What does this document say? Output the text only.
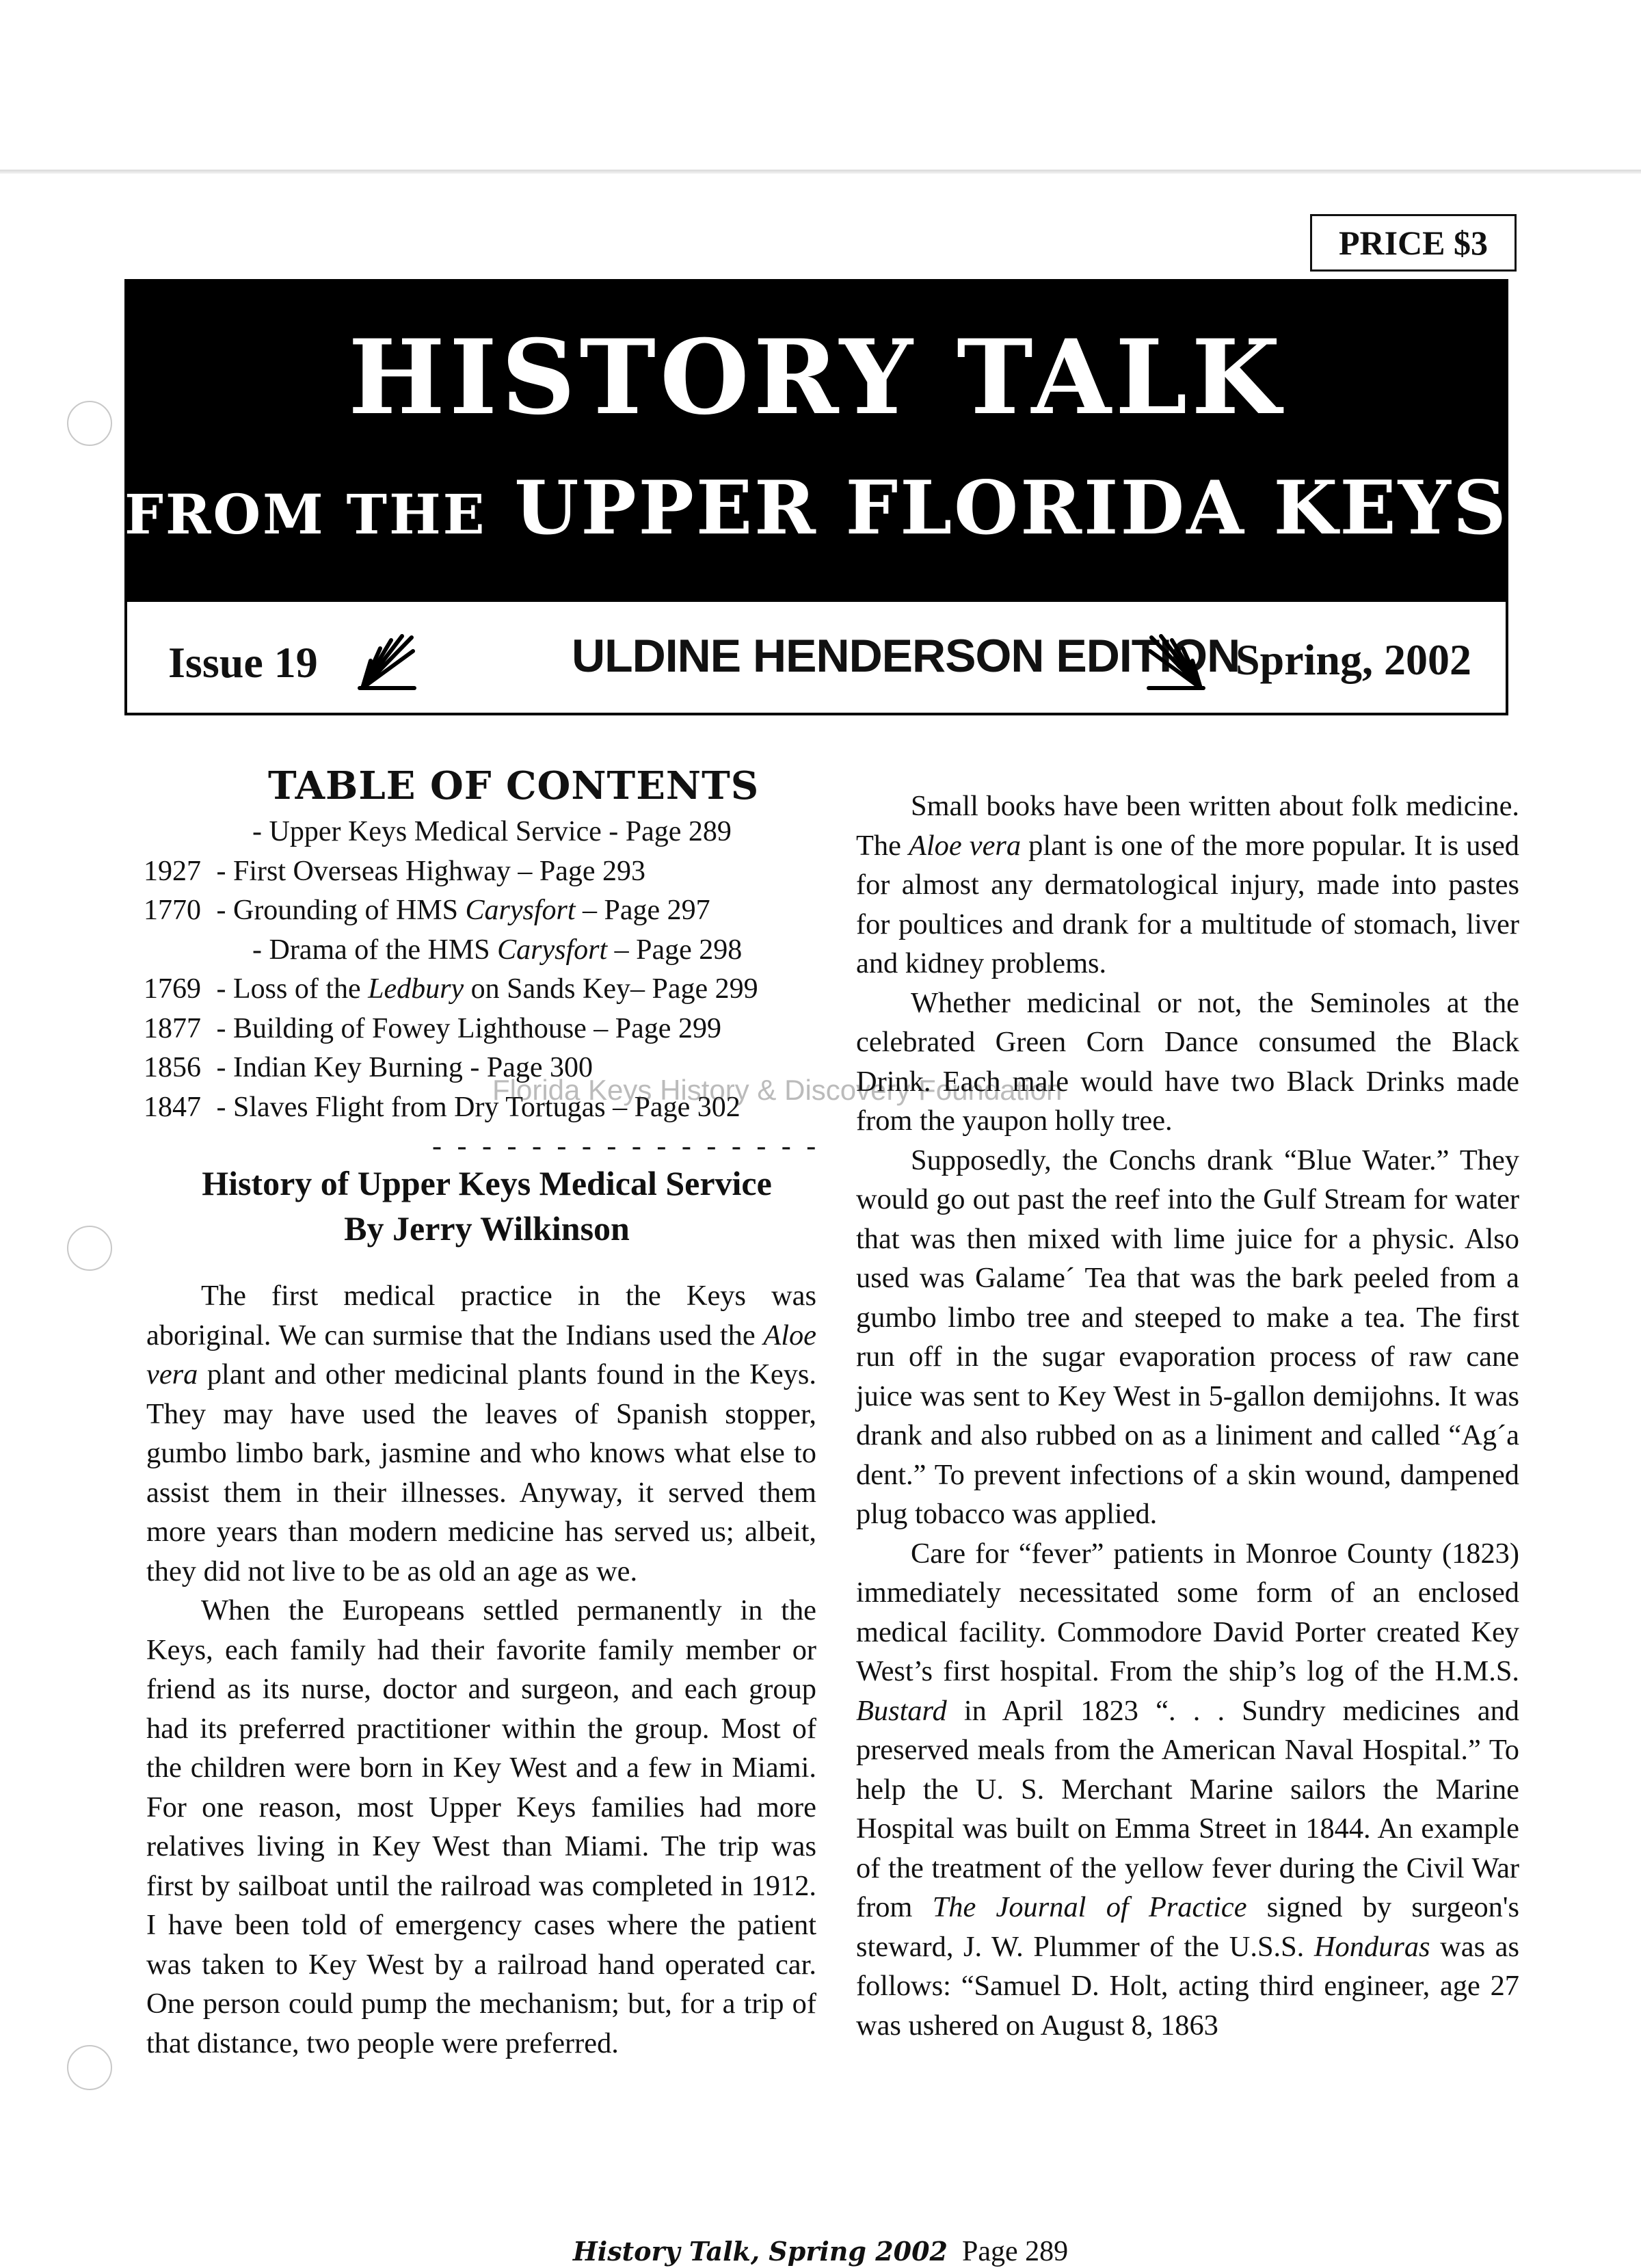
PRICE $3
HISTORY TALK
FROM THE UPPER FLORIDA KEYS
Issue 19	ULDINE HENDERSON EDITION
Spring, 2002
TABLE OF CONTENTS
- Upper Keys Medical Service - Page 289
1927 - First Overseas Highway – Page 293
1770 - Grounding of HMS Carysfort – Page 297
- Drama of the HMS Carysfort – Page 298
1769 - Loss of the Ledbury on Sands Key– Page 299
1877 - Building of Fowey Lighthouse – Page 299
1856 - Indian Key Burning - Page 300
1847 - Slaves Flight from Dry Tortugas – Page 302
- - - - - - - - - - - - - - - -
Florida Keys History & Discovery Foundation
History of Upper Keys Medical Service
By Jerry Wilkinson

The first medical practice in the Keys was aboriginal. We can surmise that the Indians used the Aloe vera plant and other medicinal plants found in the Keys. They may have used the leaves of Spanish stopper, gumbo limbo bark, jasmine and who knows what else to assist them in their illnesses. Anyway, it served them more years than modern medicine has served us; albeit, they did not live to be as old an age as we.

When the Europeans settled permanently in the Keys, each family had their favorite family member or friend as its nurse, doctor and surgeon, and each group had its preferred practitioner within the group. Most of the children were born in Key West and a few in Miami. For one reason, most Upper Keys families had more relatives living in Key West than Miami. The trip was first by sailboat until the railroad was completed in 1912. I have been told of emergency cases where the patient was taken to Key West by a railroad hand operated car. One person could pump the mechanism; but, for a trip of that distance, two people were preferred.

Small books have been written about folk medicine. The Aloe vera plant is one of the more popular. It is used for almost any dermatological injury, made into pastes for poultices and drank for a multitude of stomach, liver and kidney problems.

Whether medicinal or not, the Seminoles at the celebrated Green Corn Dance consumed the Black Drink. Each male would have two Black Drinks made from the yaupon holly tree.

Supposedly, the Conchs drank “Blue Water.” They would go out past the reef into the Gulf Stream for water that was then mixed with lime juice for a physic. Also used was Galame´ Tea that was the bark peeled from a gumbo limbo tree and steeped to make a tea. The first run off in the sugar evaporation process of raw cane juice was sent to Key West in 5-gallon demijohns. It was drank and also rubbed on as a liniment and called “Ag´a dent.” To prevent infections of a skin wound, dampened plug tobacco was applied.

Care for “fever” patients in Monroe County (1823) immediately necessitated some form of an enclosed medical facility. Commodore David Porter created Key West’s first hospital. From the ship’s log of the H.M.S. Bustard in April 1823 “. . . Sundry medicines and preserved meals from the American Naval Hospital.” To help the U. S. Merchant Marine sailors the Marine Hospital was built on Emma Street in 1844. An example of the treatment of the yellow fever during the Civil War from The Journal of Practice signed by surgeon's steward, J. W. Plummer of the U.S.S. Honduras was as follows: “Samuel D. Holt, acting third engineer, age 27 was ushered on August 8, 1863

History Talk, Spring 2002 Page 289
